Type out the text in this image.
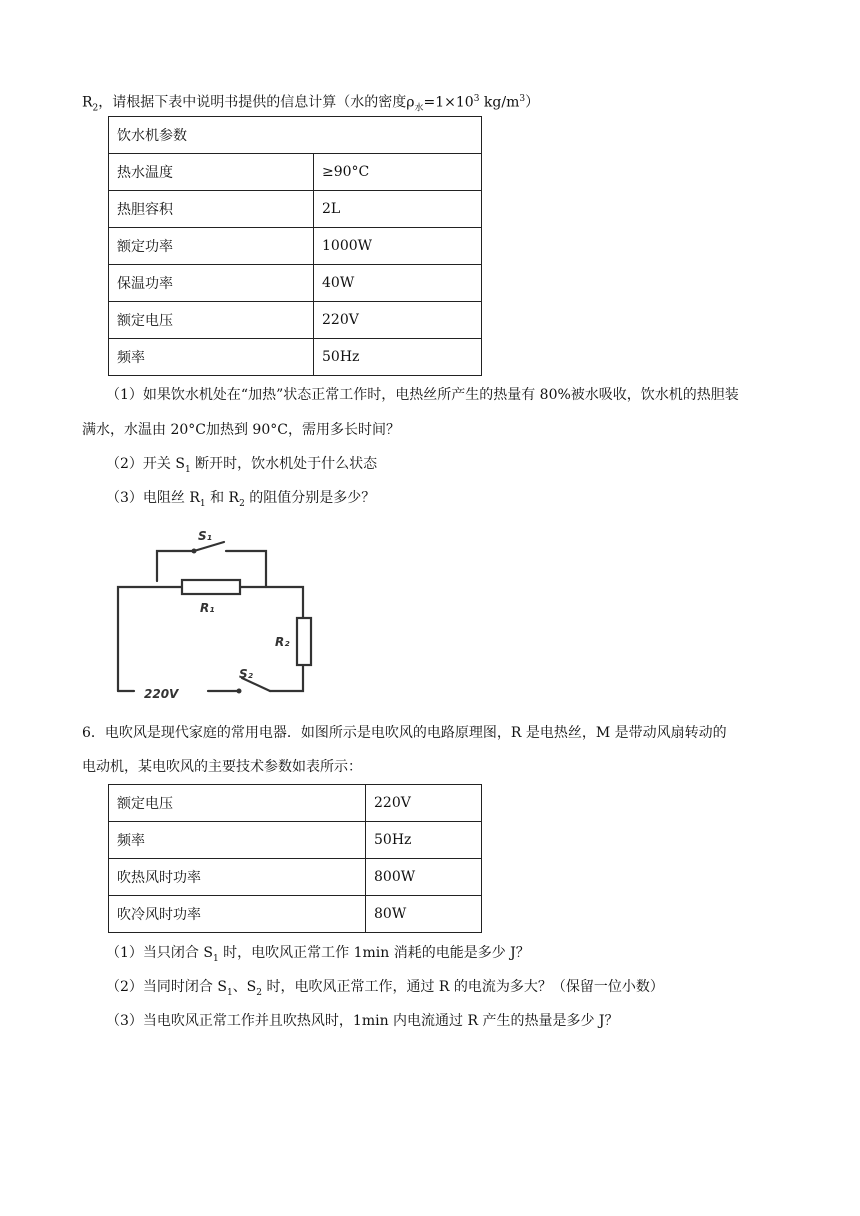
$R_2$，请根据下表中说明书提供的信息计算（水的密度$\rho_水=1\times 10^3$ $kg/m^3$）
饮水机参数	
热水温度	≥90°C
热胆容积	2L
额定功率	1000W
保温功率	40W
额定电压	220V
频率	50Hz
（1）如果饮水机处在“加热”状态正常工作时，电热丝所产生的热量有 80%被水吸收，饮水机的热胆装
满水，水温由 20°C加热到 90°C，需用多长时间？
（2）开关 $S_1$ 断开时，饮水机处于什么状态
（3）电阻丝 $R_1$ 和 $R_2$ 的阻值分别是多少？
S₁
R₁
R₂
S₂
220V
6．电吹风是现代家庭的常用电器．如图所示是电吹风的电路原理图，R 是电热丝，M 是带动风扇转动的
电动机，某电吹风的主要技术参数如表所示：
额定电压	220V
频率	50Hz
吹热风时功率	800W
吹冷风时功率	80W
（1）当只闭合 $S_1$ 时，电吹风正常工作 1min 消耗的电能是多少 J？
（2）当同时闭合 $S_1$、$S_2$ 时，电吹风正常工作，通过 R 的电流为多大？（保留一位小数）
（3）当电吹风正常工作并且吹热风时，1min 内电流通过 R 产生的热量是多少 J？
